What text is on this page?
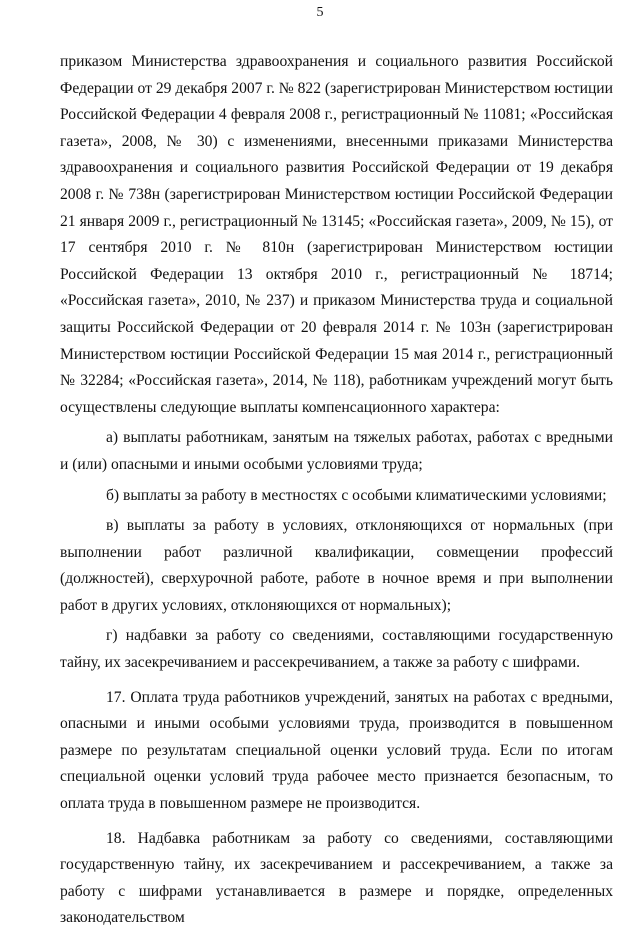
5

приказом Министерства здравоохранения и социального развития Российской Федерации от 29 декабря 2007 г. № 822 (зарегистрирован Министерством юстиции Российской Федерации 4 февраля 2008 г., регистрационный № 11081; «Российская газета», 2008, № 30) с изменениями, внесенными приказами Министерства здравоохранения и социального развития Российской Федерации от 19 декабря 2008 г. № 738н (зарегистрирован Министерством юстиции Российской Федерации 21 января 2009 г., регистрационный № 13145; «Российская газета», 2009, № 15), от 17 сентября 2010 г. № 810н (зарегистрирован Министерством юстиции Российской Федерации 13 октября 2010 г., регистрационный № 18714; «Российская газета», 2010, № 237) и приказом Министерства труда и социальной защиты Российской Федерации от 20 февраля 2014 г. № 103н (зарегистрирован Министерством юстиции Российской Федерации 15 мая 2014 г., регистрационный № 32284; «Российская газета», 2014, № 118), работникам учреждений могут быть осуществлены следующие выплаты компенсационного характера:

а) выплаты работникам, занятым на тяжелых работах, работах с вредными и (или) опасными и иными особыми условиями труда;

б) выплаты за работу в местностях с особыми климатическими условиями;

в) выплаты за работу в условиях, отклоняющихся от нормальных (при выполнении работ различной квалификации, совмещении профессий (должностей), сверхурочной работе, работе в ночное время и при выполнении работ в других условиях, отклоняющихся от нормальных);

г) надбавки за работу со сведениями, составляющими государственную тайну, их засекречиванием и рассекречиванием, а также за работу с шифрами.

17. Оплата труда работников учреждений, занятых на работах с вредными, опасными и иными особыми условиями труда, производится в повышенном размере по результатам специальной оценки условий труда. Если по итогам специальной оценки условий труда рабочее место признается безопасным, то оплата труда в повышенном размере не производится.

18. Надбавка работникам за работу со сведениями, составляющими государственную тайну, их засекречиванием и рассекречиванием, а также за работу с шифрами устанавливается в размере и порядке, определенных законодательством
